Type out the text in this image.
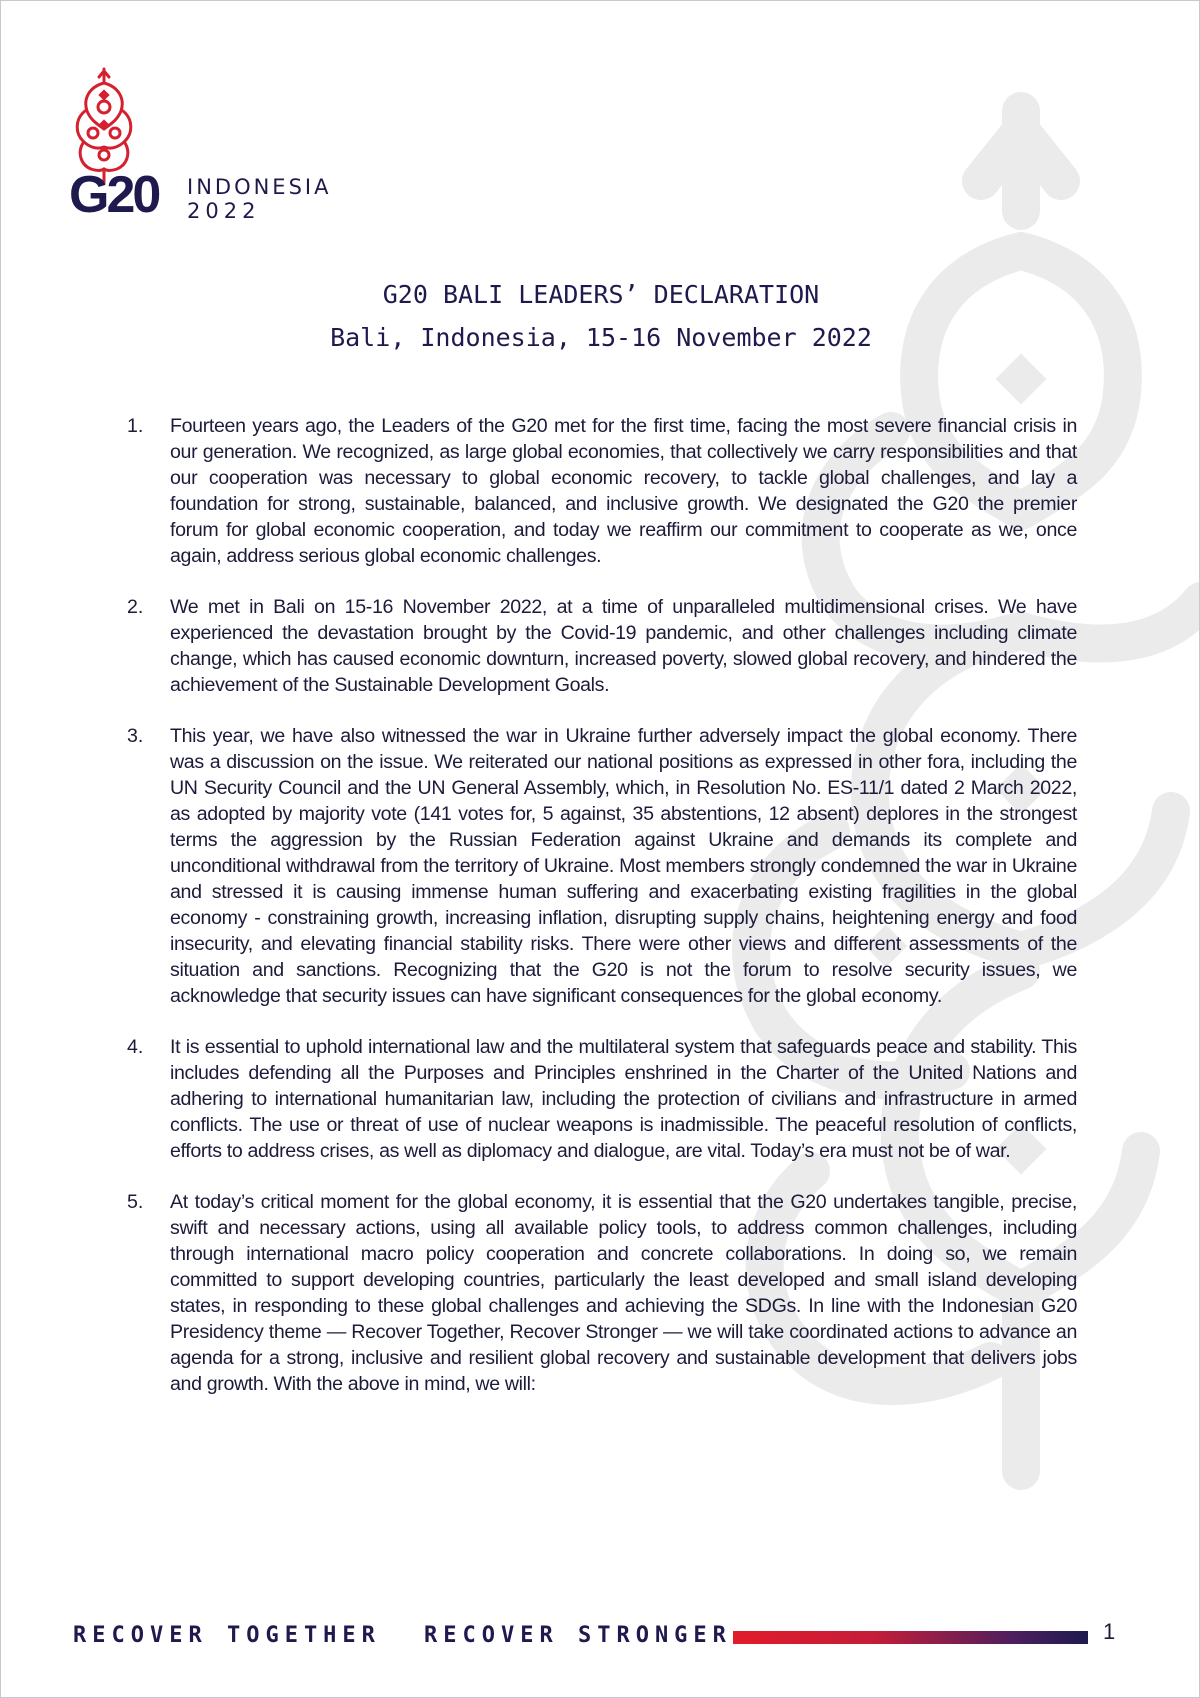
G20 INDONESIA
2022
G20 BALI LEADERS’ DECLARATION
Bali, Indonesia, 15-16 November 2022
1. Fourteen years ago, the Leaders of the G20 met for the first time, facing the most severe financial crisis in our generation. We recognized, as large global economies, that collectively we carry responsibilities and that our cooperation was necessary to global economic recovery, to tackle global challenges, and lay a foundation for strong, sustainable, balanced, and inclusive growth. We designated the G20 the premier forum for global economic cooperation, and today we reaffirm our commitment to cooperate as we, once again, address serious global economic challenges.

2. We met in Bali on 15-16 November 2022, at a time of unparalleled multidimensional crises. We have experienced the devastation brought by the Covid-19 pandemic, and other challenges including climate change, which has caused economic downturn, increased poverty, slowed global recovery, and hindered the achievement of the Sustainable Development Goals.

3. This year, we have also witnessed the war in Ukraine further adversely impact the global economy. There was a discussion on the issue. We reiterated our national positions as expressed in other fora, including the UN Security Council and the UN General Assembly, which, in Resolution No. ES-11/1 dated 2 March 2022, as adopted by majority vote (141 votes for, 5 against, 35 abstentions, 12 absent) deplores in the strongest terms the aggression by the Russian Federation against Ukraine and demands its complete and unconditional withdrawal from the territory of Ukraine. Most members strongly condemned the war in Ukraine and stressed it is causing immense human suffering and exacerbating existing fragilities in the global economy - constraining growth, increasing inflation, disrupting supply chains, heightening energy and food insecurity, and elevating financial stability risks. There were other views and different assessments of the situation and sanctions. Recognizing that the G20 is not the forum to resolve security issues, we acknowledge that security issues can have significant consequences for the global economy.

4. It is essential to uphold international law and the multilateral system that safeguards peace and stability. This includes defending all the Purposes and Principles enshrined in the Charter of the United Nations and adhering to international humanitarian law, including the protection of civilians and infrastructure in armed conflicts. The use or threat of use of nuclear weapons is inadmissible. The peaceful resolution of conflicts, efforts to address crises, as well as diplomacy and dialogue, are vital. Today’s era must not be of war.

5. At today’s critical moment for the global economy, it is essential that the G20 undertakes tangible, precise, swift and necessary actions, using all available policy tools, to address common challenges, including through international macro policy cooperation and concrete collaborations. In doing so, we remain committed to support developing countries, particularly the least developed and small island developing states, in responding to these global challenges and achieving the SDGs. In line with the Indonesian G20 Presidency theme — Recover Together, Recover Stronger — we will take coordinated actions to advance an agenda for a strong, inclusive and resilient global recovery and sustainable development that delivers jobs and growth. With the above in mind, we will:

RECOVER TOGETHER RECOVER STRONGER	1
